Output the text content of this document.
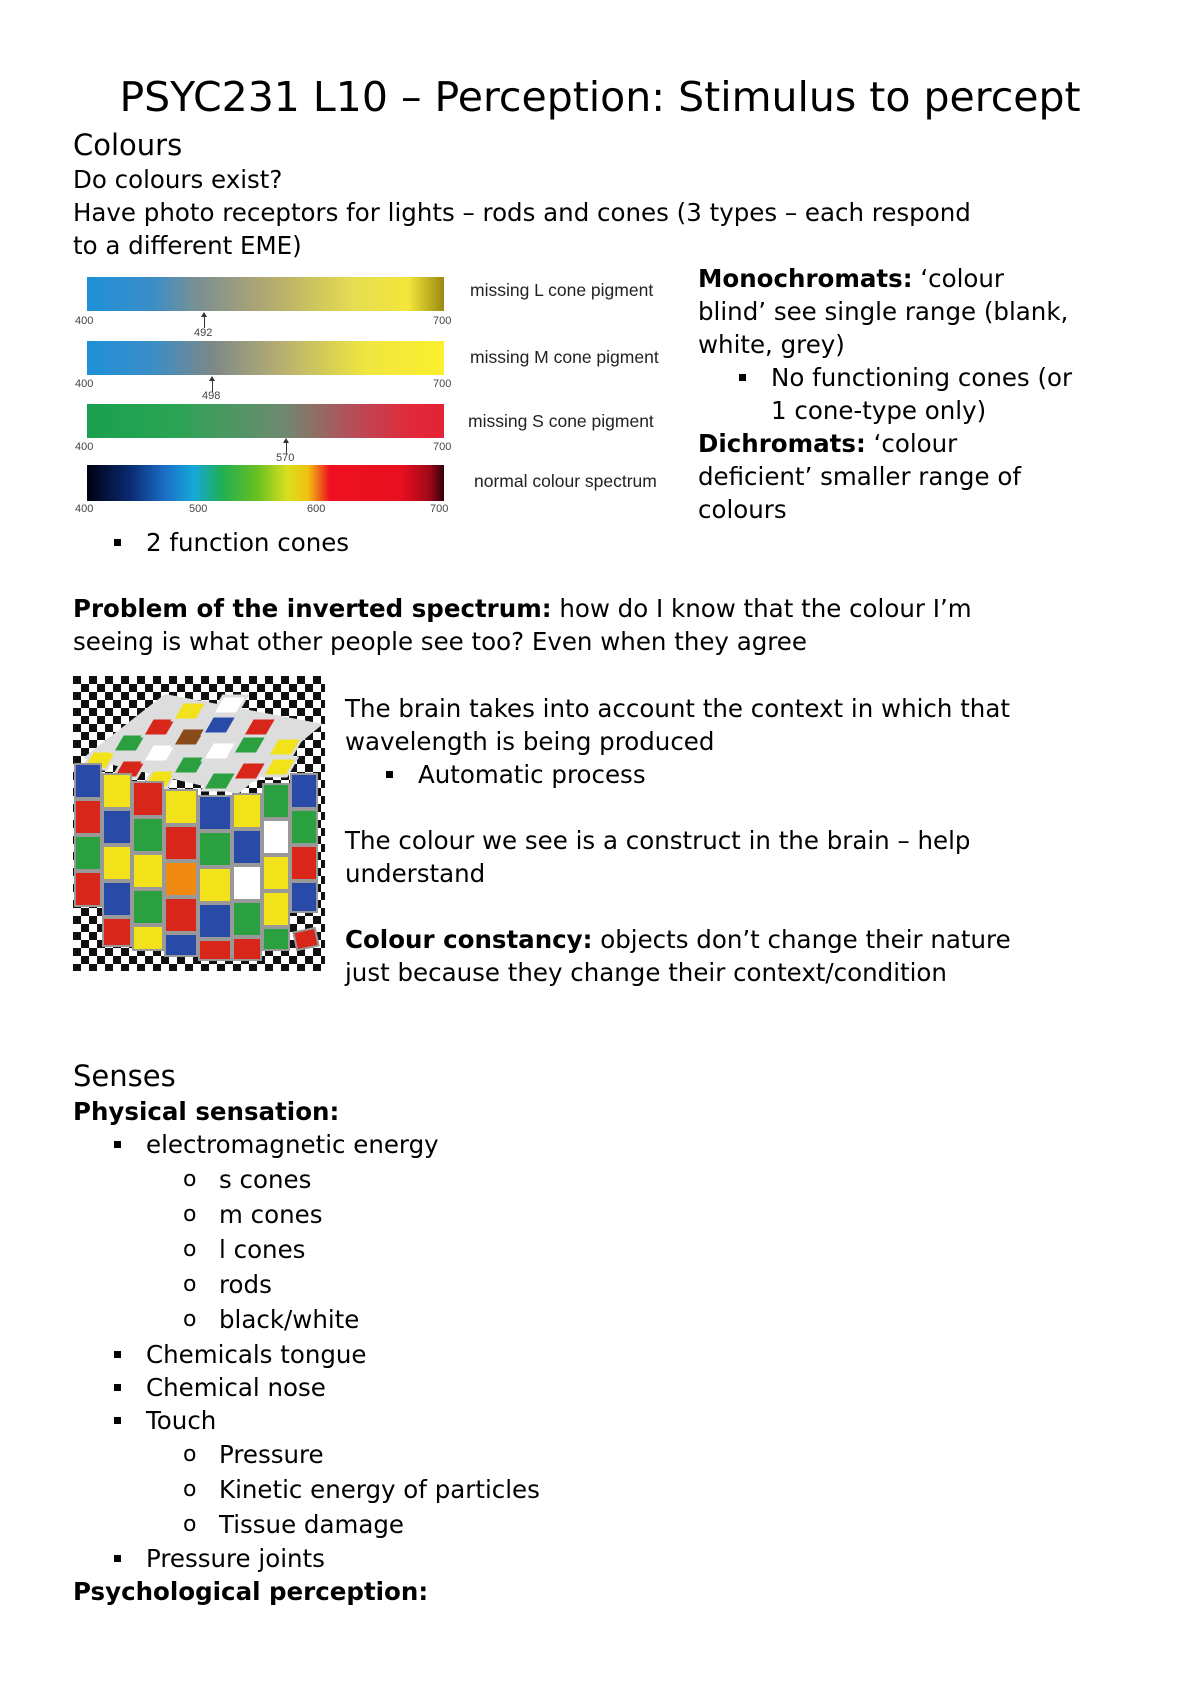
PSYC231 L10 – Perception: Stimulus to percept
Colours
Do colours exist?
Have photo receptors for lights – rods and cones (3 types – each respond
to a different EME)
400
492
700
missing L cone pigment
400
498
700
missing M cone pigment
400
570
700
missing S cone pigment
400	500	600	700
normal colour spectrum
Monochromats: ‘colour
blind’ see single range (blank,
white, grey)
No functioning cones (or
1 cone-type only)
Dichromats: ‘colour
deficient’ smaller range of
colours
2 function cones
Problem of the inverted spectrum: how do I know that the colour I’m
seeing is what other people see too? Even when they agree
The brain takes into account the context in which that
wavelength is being produced
Automatic process
The colour we see is a construct in the brain – help
understand
Colour constancy: objects don’t change their nature
just because they change their context/condition
Senses
Physical sensation:
electromagnetic energy
o s cones
o m cones
o l cones
o rods
o black/white
Chemicals tongue
Chemical nose
Touch
o Pressure
o Kinetic energy of particles
o Tissue damage
Pressure joints
Psychological perception:
